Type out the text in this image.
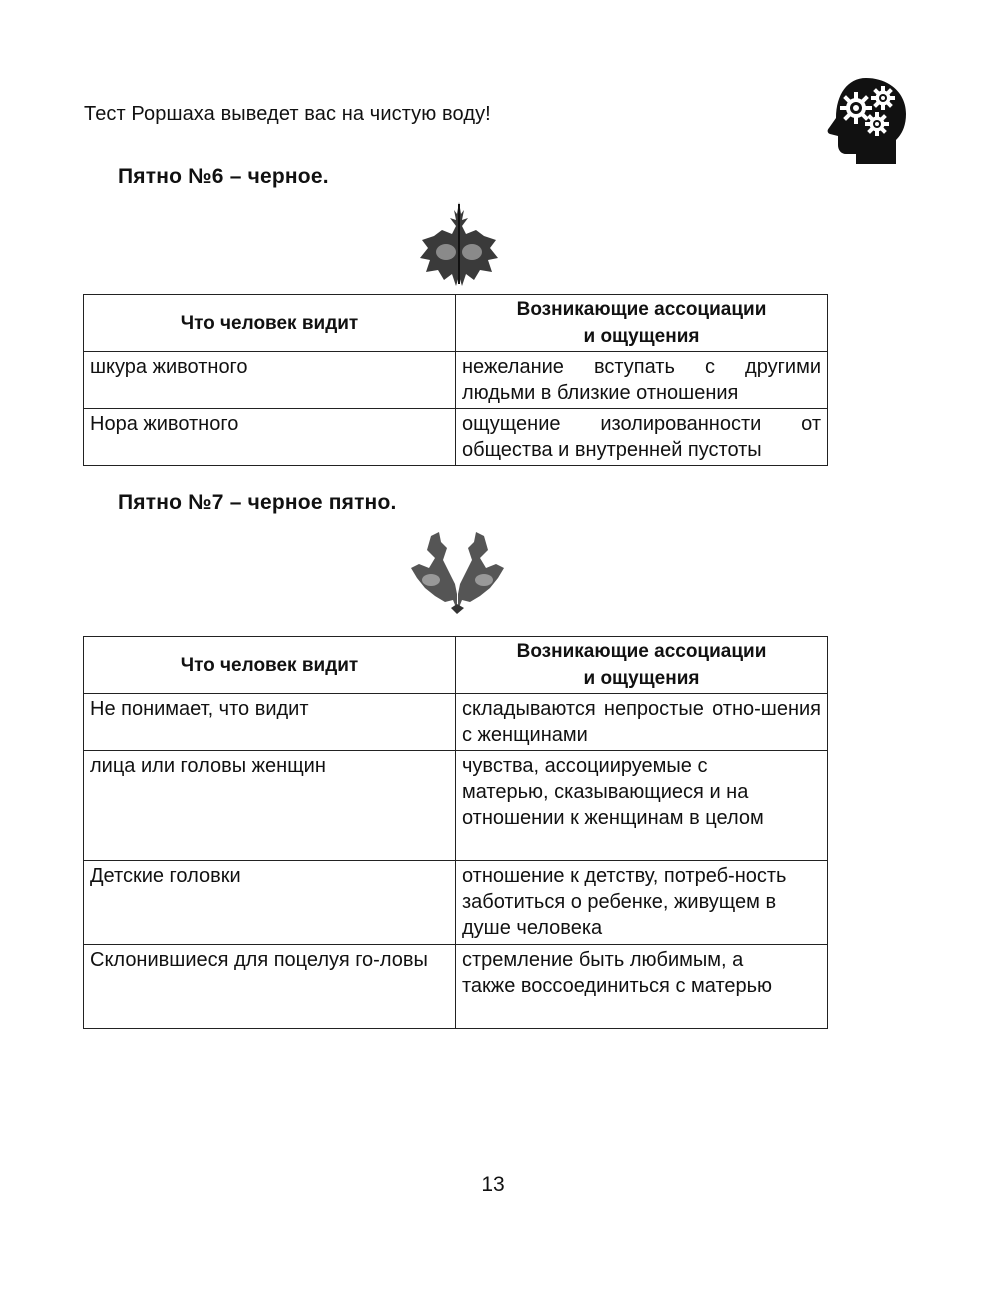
Тест Роршаха выведет вас на чистую воду!
Пятно №6 – черное.
Что человек видит	Возникающие ассоциации
и ощущения
шкура животного	нежелание вступать с другими людьми в близкие отношения
Нора животного	ощущение изолированности от общества и внутренней пустоты
Пятно №7 – черное пятно.
Что человек видит	Возникающие ассоциации
и ощущения
Не понимает, что видит	складываются непростые отно-шения с женщинами
лица или головы женщин	чувства, ассоциируемые с матерью, сказывающиеся и на отношении к женщинам в целом
Детские головки	отношение к детству, потреб-ность заботиться о ребенке, живущем в душе человека
Склонившиеся для поцелуя го-ловы	стремление быть любимым, а также воссоединиться с матерью
13
